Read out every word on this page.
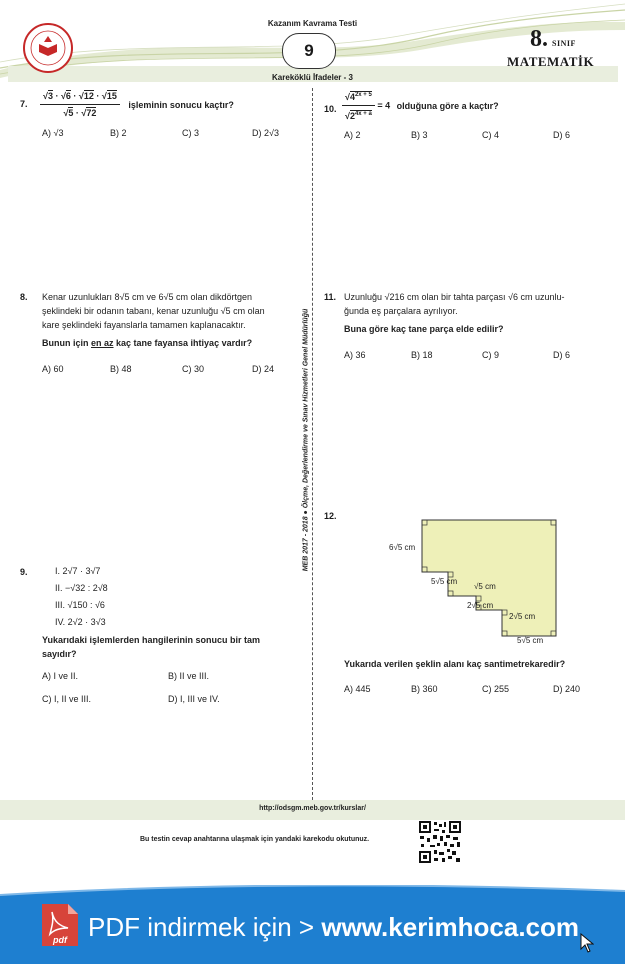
Kazanım Kavrama Testi
9	8. SINIF
MATEMATİK
Kareköklü İfadeler - 3
MEB 2017 - 2018 ● Ölçme, Değerlendirme ve Sınav Hizmetleri Genel Müdürlüğü
7. $\frac{√3 \cdot √6 \cdot √12 \cdot √15}{√5 \cdot √72}$ işleminin sonucu kaçtır?
A) √3	B) 2	C) 3	D) 2√3
10. $\frac{√4^{2x + 5}}{√2^{4x + a}} = 4$ olduğuna göre a kaçtır?
A) 2	B) 3	C) 4	D) 6
8. Kenar uzunlukları 8√5 cm ve 6√5 cm olan dikdörtgen
şeklindeki bir odanın tabanı, kenar uzunluğu √5 cm olan
kare şeklindeki fayanslarla tamamen kaplanacaktır.
Bunun için en az kaç tane fayansa ihtiyaç vardır?
A) 60	B) 48	C) 30	D) 24
11. Uzunluğu √216 cm olan bir tahta parçası √6 cm uzunlu-
ğunda eş parçalara ayrılıyor.
Buna göre kaç tane parça elde edilir?
A) 36	B) 18	C) 9	D) 6
12.
6√5 cm
5√5 cm
√5 cm
2√5 cm
2√5 cm
5√5 cm
Yukarıda verilen şeklin alanı kaç santimetrekaredir?
A) 445	B) 360	C) 255	D) 240
9.	I. 2√7 · 3√7
II. −√32 : 2√8
III. √150 : √6
IV. 2√2 · 3√3
Yukarıdaki işlemlerden hangilerinin sonucu bir tam
sayıdır?
A) I ve II.	B) II ve III.
C) I, II ve III.	D) I, III ve IV.
http://odsgm.meb.gov.tr/kurslar/
Bu testin cevap anahtarına ulaşmak için yandaki karekodu okutunuz.
pdf PDF indirmek için > www.kerimhoca.com
